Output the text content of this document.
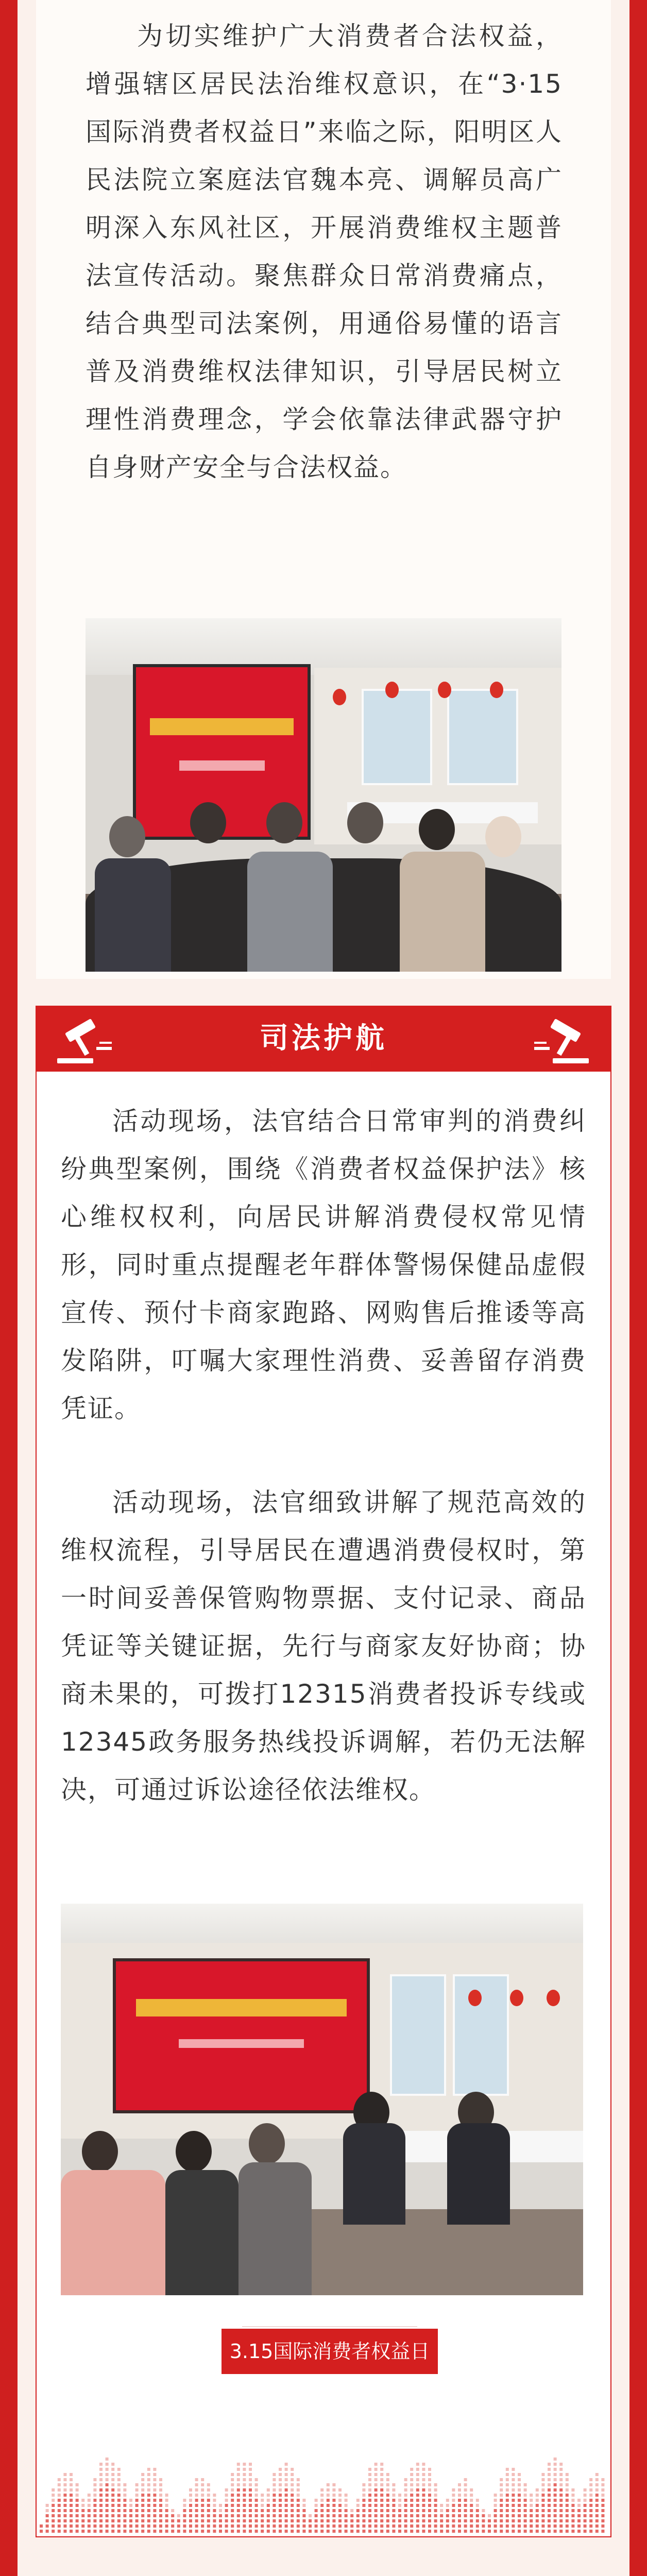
为切实维护广大消费者合法权益，增强辖区居民法治维权意识，在“3·15国际消费者权益日”来临之际，阳明区人民法院立案庭法官魏本亮、调解员高广明深入东风社区，开展消费维权主题普法宣传活动。聚焦群众日常消费痛点，结合典型司法案例，用通俗易懂的语言普及消费维权法律知识，引导居民树立理性消费理念，学会依靠法律武器守护自身财产安全与合法权益。

司法护航

活动现场，法官结合日常审判的消费纠纷典型案例，围绕《消费者权益保护法》核心维权权利，向居民讲解消费侵权常见情形，同时重点提醒老年群体警惕保健品虚假宣传、预付卡商家跑路、网购售后推诿等高发陷阱，叮嘱大家理性消费、妥善留存消费凭证。

活动现场，法官细致讲解了规范高效的维权流程，引导居民在遭遇消费侵权时，第一时间妥善保管购物票据、支付记录、商品凭证等关键证据，先行与商家友好协商；协商未果的，可拨打12315消费者投诉专线或12345政务服务热线投诉调解，若仍无法解决，可通过诉讼途径依法维权。

3.15国际消费者权益日
